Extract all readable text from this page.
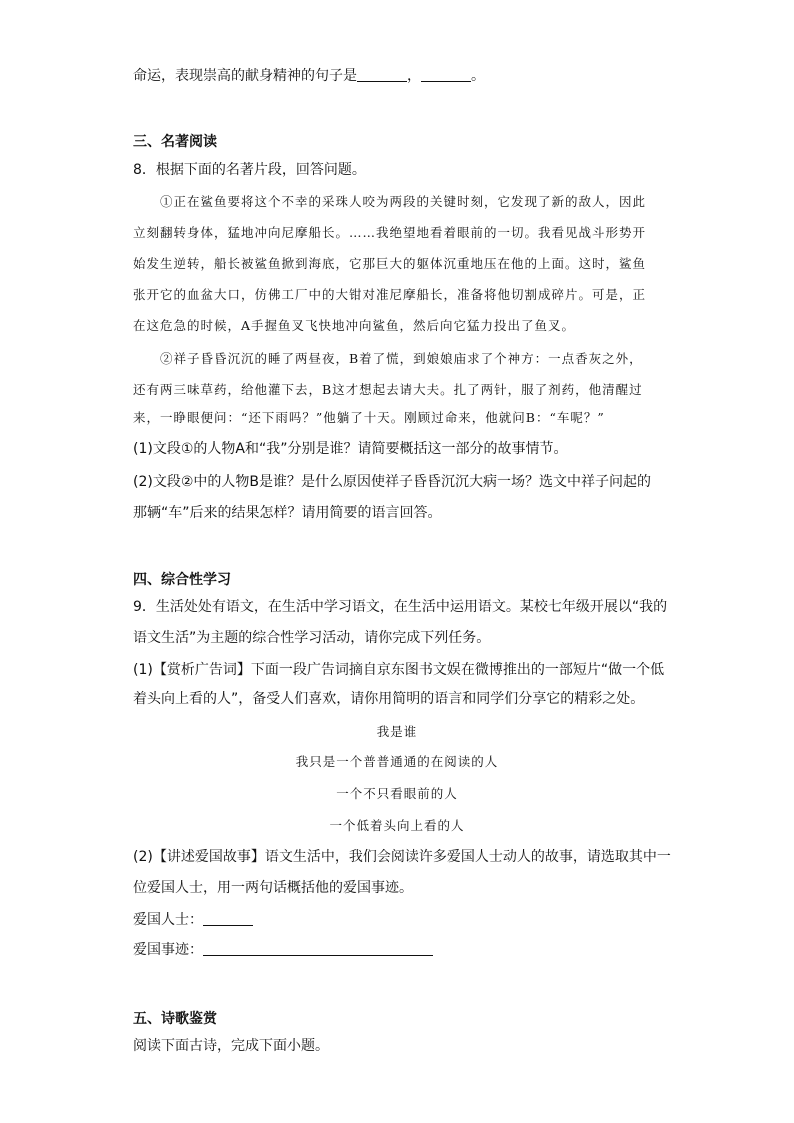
命运，表现崇高的献身精神的句子是	，	。
三、名著阅读
8．根据下面的名著片段，回答问题。
①正在鲨鱼要将这个不幸的采珠人咬为两段的关键时刻，它发现了新的敌人，因此
立刻翻转身体，猛地冲向尼摩船长。……我绝望地看着眼前的一切。我看见战斗形势开
始发生逆转，船长被鲨鱼掀到海底，它那巨大的躯体沉重地压在他的上面。这时，鲨鱼
张开它的血盆大口，仿佛工厂中的大钳对准尼摩船长，准备将他切割成碎片。可是，正
在这危急的时候，A手握鱼叉飞快地冲向鲨鱼，然后向它猛力投出了鱼叉。
②祥子昏昏沉沉的睡了两昼夜，B着了慌，到娘娘庙求了个神方：一点香灰之外，
还有两三味草药，给他灌下去，B这才想起去请大夫。扎了两针，服了剂药，他清醒过
来，一睁眼便问：“还下雨吗？”他躺了十天。刚顾过命来，他就问B：“车呢？”
(1)文段①的人物A和“我”分别是谁？请简要概括这一部分的故事情节。
(2)文段②中的人物B是谁？是什么原因使祥子昏昏沉沉大病一场？选文中祥子问起的
那辆“车”后来的结果怎样？请用简要的语言回答。
四、综合性学习
9．生活处处有语文，在生活中学习语文，在生活中运用语文。某校七年级开展以“我的
语文生活”为主题的综合性学习活动，请你完成下列任务。
(1)【赏析广告词】下面一段广告词摘自京东图书文娱在微博推出的一部短片“做一个低
着头向上看的人”，备受人们喜欢，请你用简明的语言和同学们分享它的精彩之处。
我是谁
我只是一个普普通通的在阅读的人
一个不只看眼前的人
一个低着头向上看的人
(2)【讲述爱国故事】语文生活中，我们会阅读许多爱国人士动人的故事，请选取其中一
位爱国人士，用一两句话概括他的爱国事迹。
爱国人士：
爱国事迹：
五、诗歌鉴赏
阅读下面古诗，完成下面小题。
